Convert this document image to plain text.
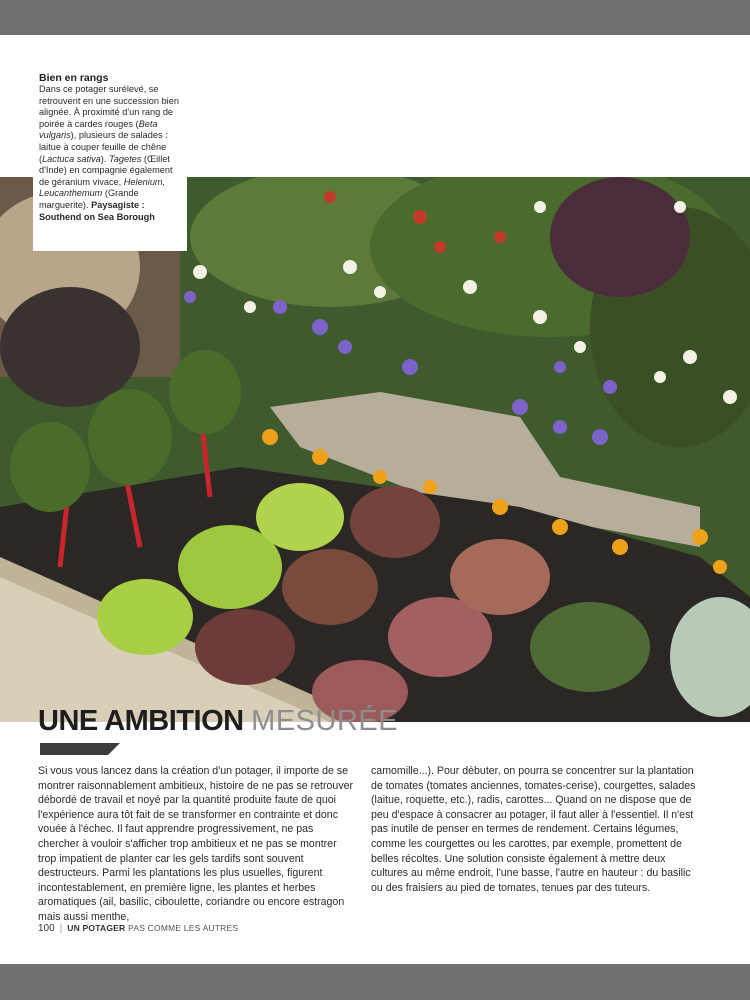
Bien en rangs
Dans ce potager surélevé, se retrouvent en une succession bien alignée. À proximité d'un rang de poirée à cardes rouges (Beta vulgaris), plusieurs de salades : laitue à couper feuille de chêne (Lactuca sativa). Tagetes (Œillet d'Inde) en compagnie également de géranium vivace, Helenium, Leucanthemum (Grande marguerite). Paysagiste : Southend on Sea Borough
UNE AMBITION MESURÉE
Si vous vous lancez dans la création d'un potager, il importe de se montrer raisonnablement ambitieux, histoire de ne pas se retrouver débordé de travail et noyé par la quantité produite faute de quoi l'expérience aura tôt fait de se transformer en contrainte et donc vouée à l'échec. Il faut apprendre progressivement, ne pas chercher à vouloir s'afficher trop ambitieux et ne pas se montrer trop impatient de planter car les gels tardifs sont souvent destructeurs. Parmi les plantations les plus usuelles, figurent incontestablement, en première ligne, les plantes et herbes aromatiques (ail, basilic, ciboulette, coriandre ou encore estragon mais aussi menthe,
camomille...). Pour débuter, on pourra se concentrer sur la plantation de tomates (tomates anciennes, tomates-cerise), courgettes, salades (laitue, roquette, etc.), radis, carottes... Quand on ne dispose que de peu d'espace à consacrer au potager, il faut aller à l'essentiel. Il n'est pas inutile de penser en termes de rendement. Certains légumes, comme les courgettes ou les carottes, par exemple, promettent de belles récoltes. Une solution consiste également à mettre deux cultures au même endroit, l'une basse, l'autre en hauteur : du basilic ou des fraisiers au pied de tomates, tenues par des tuteurs.
100 | UN POTAGER PAS COMME LES AUTRES
